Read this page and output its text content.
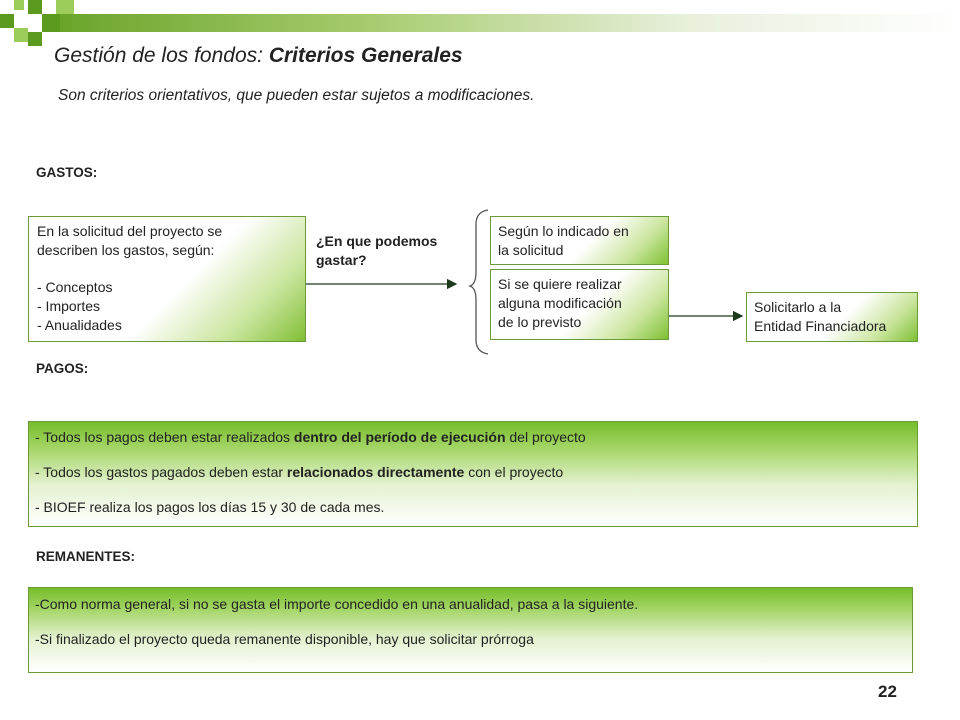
Gestión de los fondos: Criterios Generales
Son criterios orientativos, que pueden estar sujetos a modificaciones.
GASTOS:

En la solicitud del proyecto se

describen los gastos, según:

- Conceptos

- Importes

- Anualidades

¿En que podemos

gastar?

Según lo indicado en

la solicitud

Si se quiere realizar

alguna modificación

de lo previsto

Solicitarlo a la

Entidad Financiadora

PAGOS:

- Todos los pagos deben estar realizados dentro del período de ejecución del proyecto

- Todos los gastos pagados deben estar relacionados directamente con el proyecto

- BIOEF realiza los pagos los días 15 y 30 de cada mes.

REMANENTES:

-Como norma general, si no se gasta el importe concedido en una anualidad, pasa a la siguiente.

-Si finalizado el proyecto queda remanente disponible, hay que solicitar prórroga

22
